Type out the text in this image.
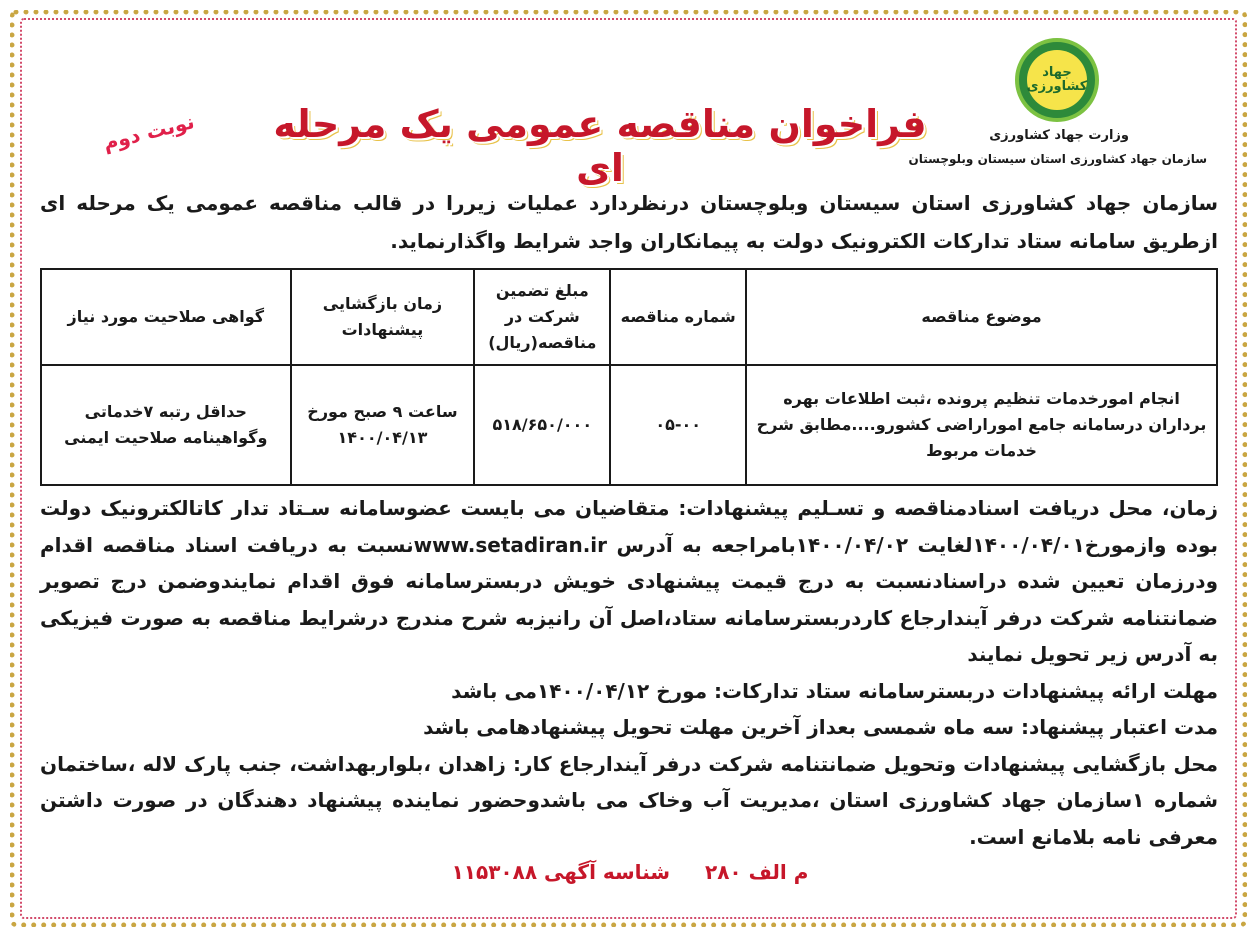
جهاد کشاورزی
وزارت جهاد کشاورزی
سازمان جهاد کشاورزی استان سیستان وبلوچستان
فراخوان مناقصه عمومی یک مرحله ای
نوبت دوم
سازمان جهاد کشاورزی استان سیستان وبلوچستان درنظردارد عملیات زیررا در قالب مناقصه عمومی یک مرحله ای ازطریق سامانه ستاد تدارکات الکترونیک دولت به پیمانکاران واجد شرایط واگذارنماید.
موضوع مناقصه	شماره مناقصه	مبلغ تضمین شرکت در مناقصه(ریال)	زمان بازگشایی پیشنهادات	گواهی صلاحیت مورد نیاز
انجام امورخدمات تنظیم پرونده ،ثبت اطلاعات بهره برداران درسامانه جامع اموراراضی کشورو....مطابق شرح خدمات مربوط	۰۵-۰۰	۵۱۸/۶۵۰/۰۰۰	ساعت ۹ صبح مورخ ۱۴۰۰/۰۴/۱۳	حداقل رتبه ۷خدماتی وگواهینامه صلاحیت ایمنی

زمان، محل دریافت اسنادمناقصه و تسـلیم پیشنهادات: متقاضیان می بایست عضوسامانه سـتاد تدار کاتالکترونیک دولت بوده وازمورخ۱۴۰۰/۰۴/۰۱لغایت ۱۴۰۰/۰۴/۰۲بامراجعه به آدرس www.setadiran.irنسبت به دریافت اسناد مناقصه اقدام ودرزمان تعیین شده دراسنادنسبت به درج قیمت پیشنهادی خویش دربسترسامانه فوق اقدام نمایندوضمن درج تصویر ضمانتنامه شرکت درفر آیندارجاع کاردربسترسامانه ستاد،اصل آن رانیزبه شرح مندرج درشرایط مناقصه به صورت فیزیکی به آدرس زیر تحویل نمایند

مهلت ارائه پیشنهادات دربسترسامانه ستاد تدارکات: مورخ ۱۴۰۰/۰۴/۱۲می باشد

مدت اعتبار پیشنهاد: سه ماه شمسی بعداز آخرین مهلت تحویل پیشنهادهامی باشد

محل بازگشایی پیشنهادات وتحویل ضمانتنامه شرکت درفر آیندارجاع کار: زاهدان ،بلواربهداشت، جنب پارک لاله ،ساختمان شماره ۱سازمان جهاد کشاورزی استان ،مدیریت آب وخاک می باشدوحضور نماینده پیشنهاد دهندگان در صورت داشتن معرفی نامه بلامانع است.

م الف ۲۸۰ شناسه آگهی ۱۱۵۳۰۸۸
